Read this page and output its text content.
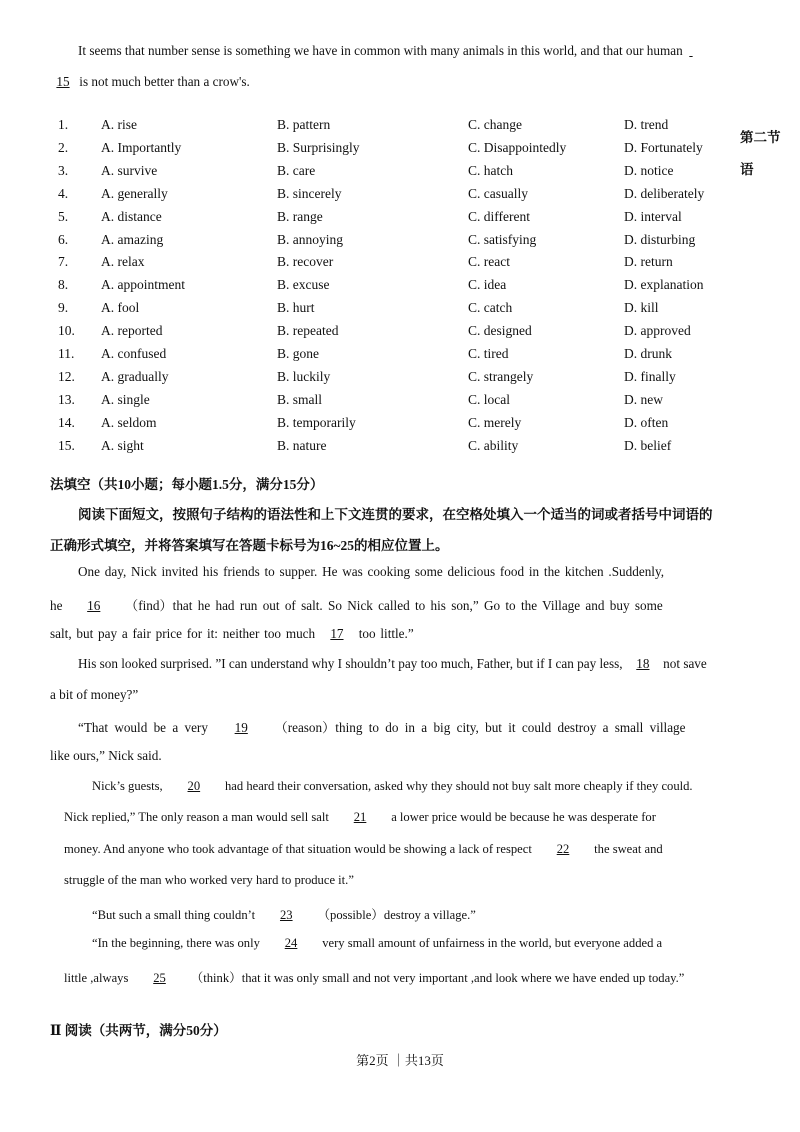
It seems that number sense is something we have in common with many animals in this world, and that our human
15 is not much better than a crow's.
1. A. rise	B. pattern	C. change	D. trend
2. A. Importantly	B. Surprisingly	C. Disappointedly	D. Fortunately
3. A. survive	B. care	C. hatch	D. notice
4. A. generally	B. sincerely	C. casually	D. deliberately
5. A. distance	B. range	C. different	D. interval
6. A. amazing	B. annoying	C. satisfying	D. disturbing
7. A. relax	B. recover	C. react	D. return
8. A. appointment	B. excuse	C. idea	D. explanation
9. A. fool	B. hurt	C. catch	D. kill
10. A. reported	B. repeated	C. designed	D. approved
11. A. confused	B. gone	C. tired	D. drunk
12. A. gradually	B. luckily	C. strangely	D. finally
13. A. single	B. small	C. local	D. new
14. A. seldom	B. temporarily	C. merely	D. often
15. A. sight	B. nature	C. ability	D. belief
第二节
语
法填空（共10小题；每小题1.5分，满分15分）
阅读下面短文，按照句子结构的语法性和上下文连贯的要求，在空格处填入一个适当的词或者括号中词语的
正确形式填空，并将答案填写在答题卡标号为16~25的相应位置上。
One day, Nick invited his friends to supper. He was cooking some delicious food in the kitchen .Suddenly,
he 16 （find）that he had run out of salt. So Nick called to his son,” Go to the Village and buy some
salt, but pay a fair price for it: neither too much 17 too little.”
His son looked surprised. ”I can understand why I shouldn’t pay too much, Father, but if I can pay less, 18 not save
a bit of money?”
“That would be a very 19 （reason）thing to do in a big city, but it could destroy a small village
like ours,” Nick said.
Nick’s guests, 20 had heard their conversation, asked why they should not buy salt more cheaply if they could.
Nick replied,” The only reason a man would sell salt 21 a lower price would be because he was desperate for
money. And anyone who took advantage of that situation would be showing a lack of respect 22 the sweat and
struggle of the man who worked very hard to produce it.”
“But such a small thing couldn’t 23 （possible）destroy a village.”
“In the beginning, there was only 24 very small amount of unfairness in the world, but everyone added a
little ,always 25 （think）that it was only small and not very important ,and look where we have ended up today.”
Ⅱ 阅读（共两节，满分50分）
第2页 ｜共13页
